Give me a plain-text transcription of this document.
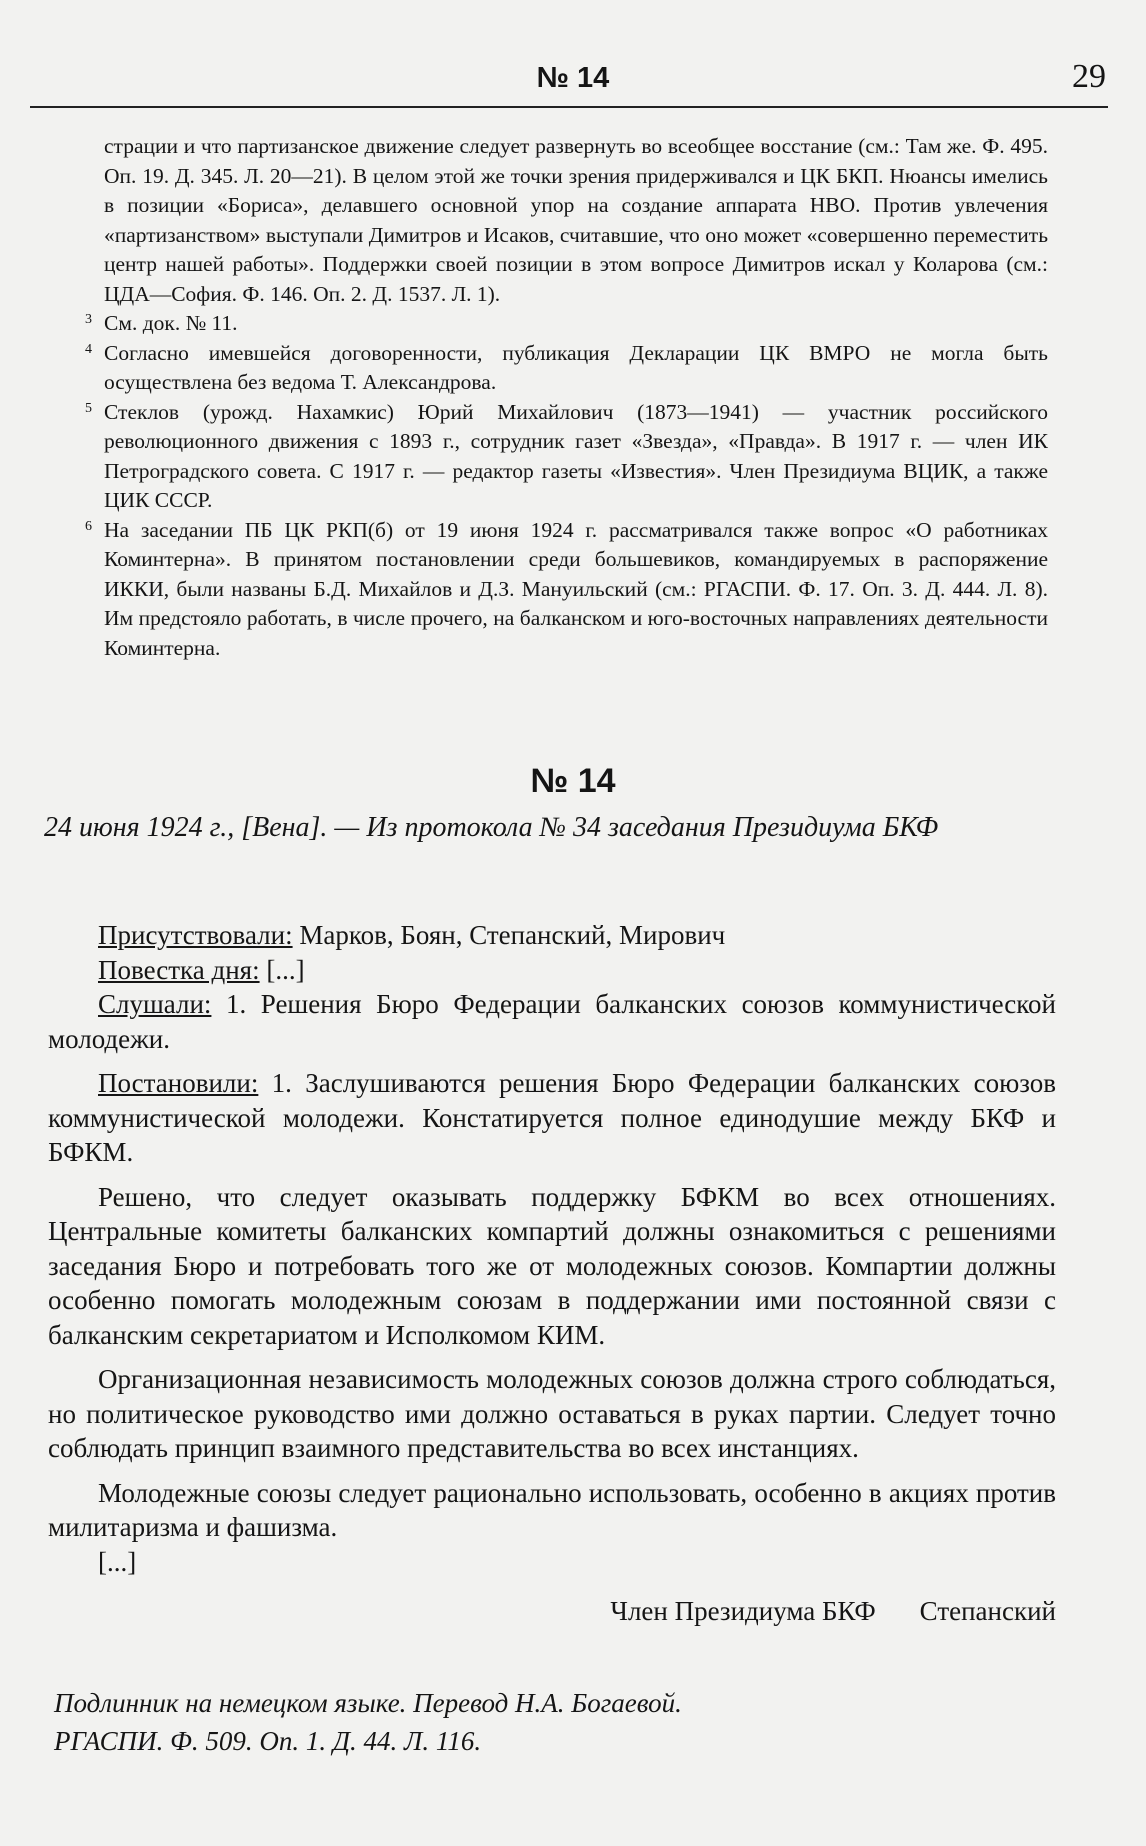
№ 14	29

страции и что партизанское движение следует развернуть во всеобщее восстание (см.: Там же. Ф. 495. Оп. 19. Д. 345. Л. 20—21). В целом этой же точки зрения придерживался и ЦК БКП. Нюансы имелись в позиции «Бориса», делавшего основной упор на создание аппарата НВО. Против увлечения «партизанством» выступали Димитров и Исаков, считавшие, что оно может «совершенно переместить центр нашей работы». Поддержки своей позиции в этом вопросе Димитров искал у Коларова (см.: ЦДА—София. Ф. 146. Оп. 2. Д. 1537. Л. 1).

3 См. док. № 11.

4 Согласно имевшейся договоренности, публикация Декларации ЦК ВМРО не могла быть осуществлена без ведома Т. Александрова.

5 Стеклов (урожд. Нахамкис) Юрий Михайлович (1873—1941) — участник российского революционного движения с 1893 г., сотрудник газет «Звезда», «Правда». В 1917 г. — член ИК Петроградского совета. С 1917 г. — редактор газеты «Известия». Член Президиума ВЦИК, а также ЦИК СССР.

6 На заседании ПБ ЦК РКП(б) от 19 июня 1924 г. рассматривался также вопрос «О работниках Коминтерна». В принятом постановлении среди большевиков, командируемых в распоряжение ИККИ, были названы Б.Д. Михайлов и Д.З. Мануильский (см.: РГАСПИ. Ф. 17. Оп. 3. Д. 444. Л. 8). Им предстояло работать, в числе прочего, на балканском и юго-восточных направлениях деятельности Коминтерна.

№ 14
24 июня 1924 г., [Вена]. — Из протокола № 34 заседания Президиума БКФ

Присутствовали: Марков, Боян, Степанский, Мирович

Повестка дня: [...]

Слушали: 1. Решения Бюро Федерации балканских союзов коммунистической молодежи.

Постановили: 1. Заслушиваются решения Бюро Федерации балканских союзов коммунистической молодежи. Констатируется полное единодушие между БКФ и БФКМ.

Решено, что следует оказывать поддержку БФКМ во всех отношениях. Центральные комитеты балканских компартий должны ознакомиться с решениями заседания Бюро и потребовать того же от молодежных союзов. Компартии должны особенно помогать молодежным союзам в поддержании ими постоянной связи с балканским секретариатом и Исполкомом КИМ.

Организационная независимость молодежных союзов должна строго соблюдаться, но политическое руководство ими должно оставаться в руках партии. Следует точно соблюдать принцип взаимного представительства во всех инстанциях.

Молодежные союзы следует рационально использовать, особенно в акциях против милитаризма и фашизма.

[...]

Член Президиума БКФ Степанский

Подлинник на немецком языке. Перевод Н.А. Богаевой.

РГАСПИ. Ф. 509. Оп. 1. Д. 44. Л. 116.
